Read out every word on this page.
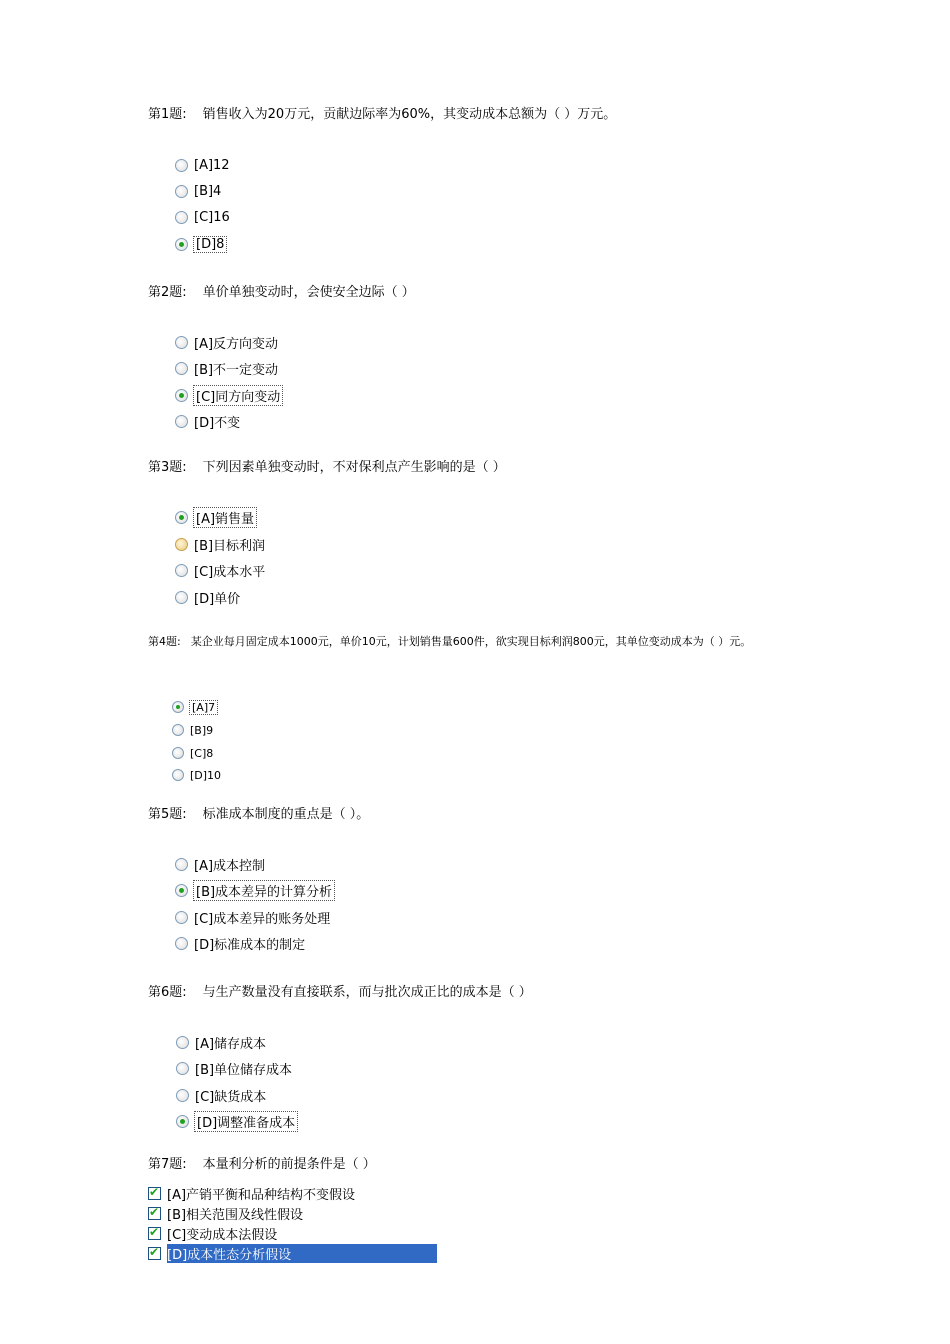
第1题: 销售收入为20万元，贡献边际率为60%，其变动成本总额为（ ）万元。
[A]12
[B]4
[C]16
[D]8
第2题: 单价单独变动时，会使安全边际（ ）
[A]反方向变动
[B]不一定变动
[C]同方向变动
[D]不变
第3题: 下列因素单独变动时，不对保利点产生影响的是（ ）
[A]销售量
[B]目标利润
[C]成本水平
[D]单价
第4题: 某企业每月固定成本1000元，单价10元，计划销售量600件，欲实现目标利润800元，其单位变动成本为（ ）元。
[A]7
[B]9
[C]8
[D]10
第5题: 标准成本制度的重点是（ ）。
[A]成本控制
[B]成本差异的计算分析
[C]成本差异的账务处理
[D]标准成本的制定
第6题: 与生产数量没有直接联系，而与批次成正比的成本是（ ）
[A]储存成本
[B]单位储存成本
[C]缺货成本
[D]调整准备成本
第7题: 本量利分析的前提条件是（ ）
✔
[A]产销平衡和品种结构不变假设
✔
[B]相关范围及线性假设
✔
[C]变动成本法假设
✔
[D]成本性态分析假设
